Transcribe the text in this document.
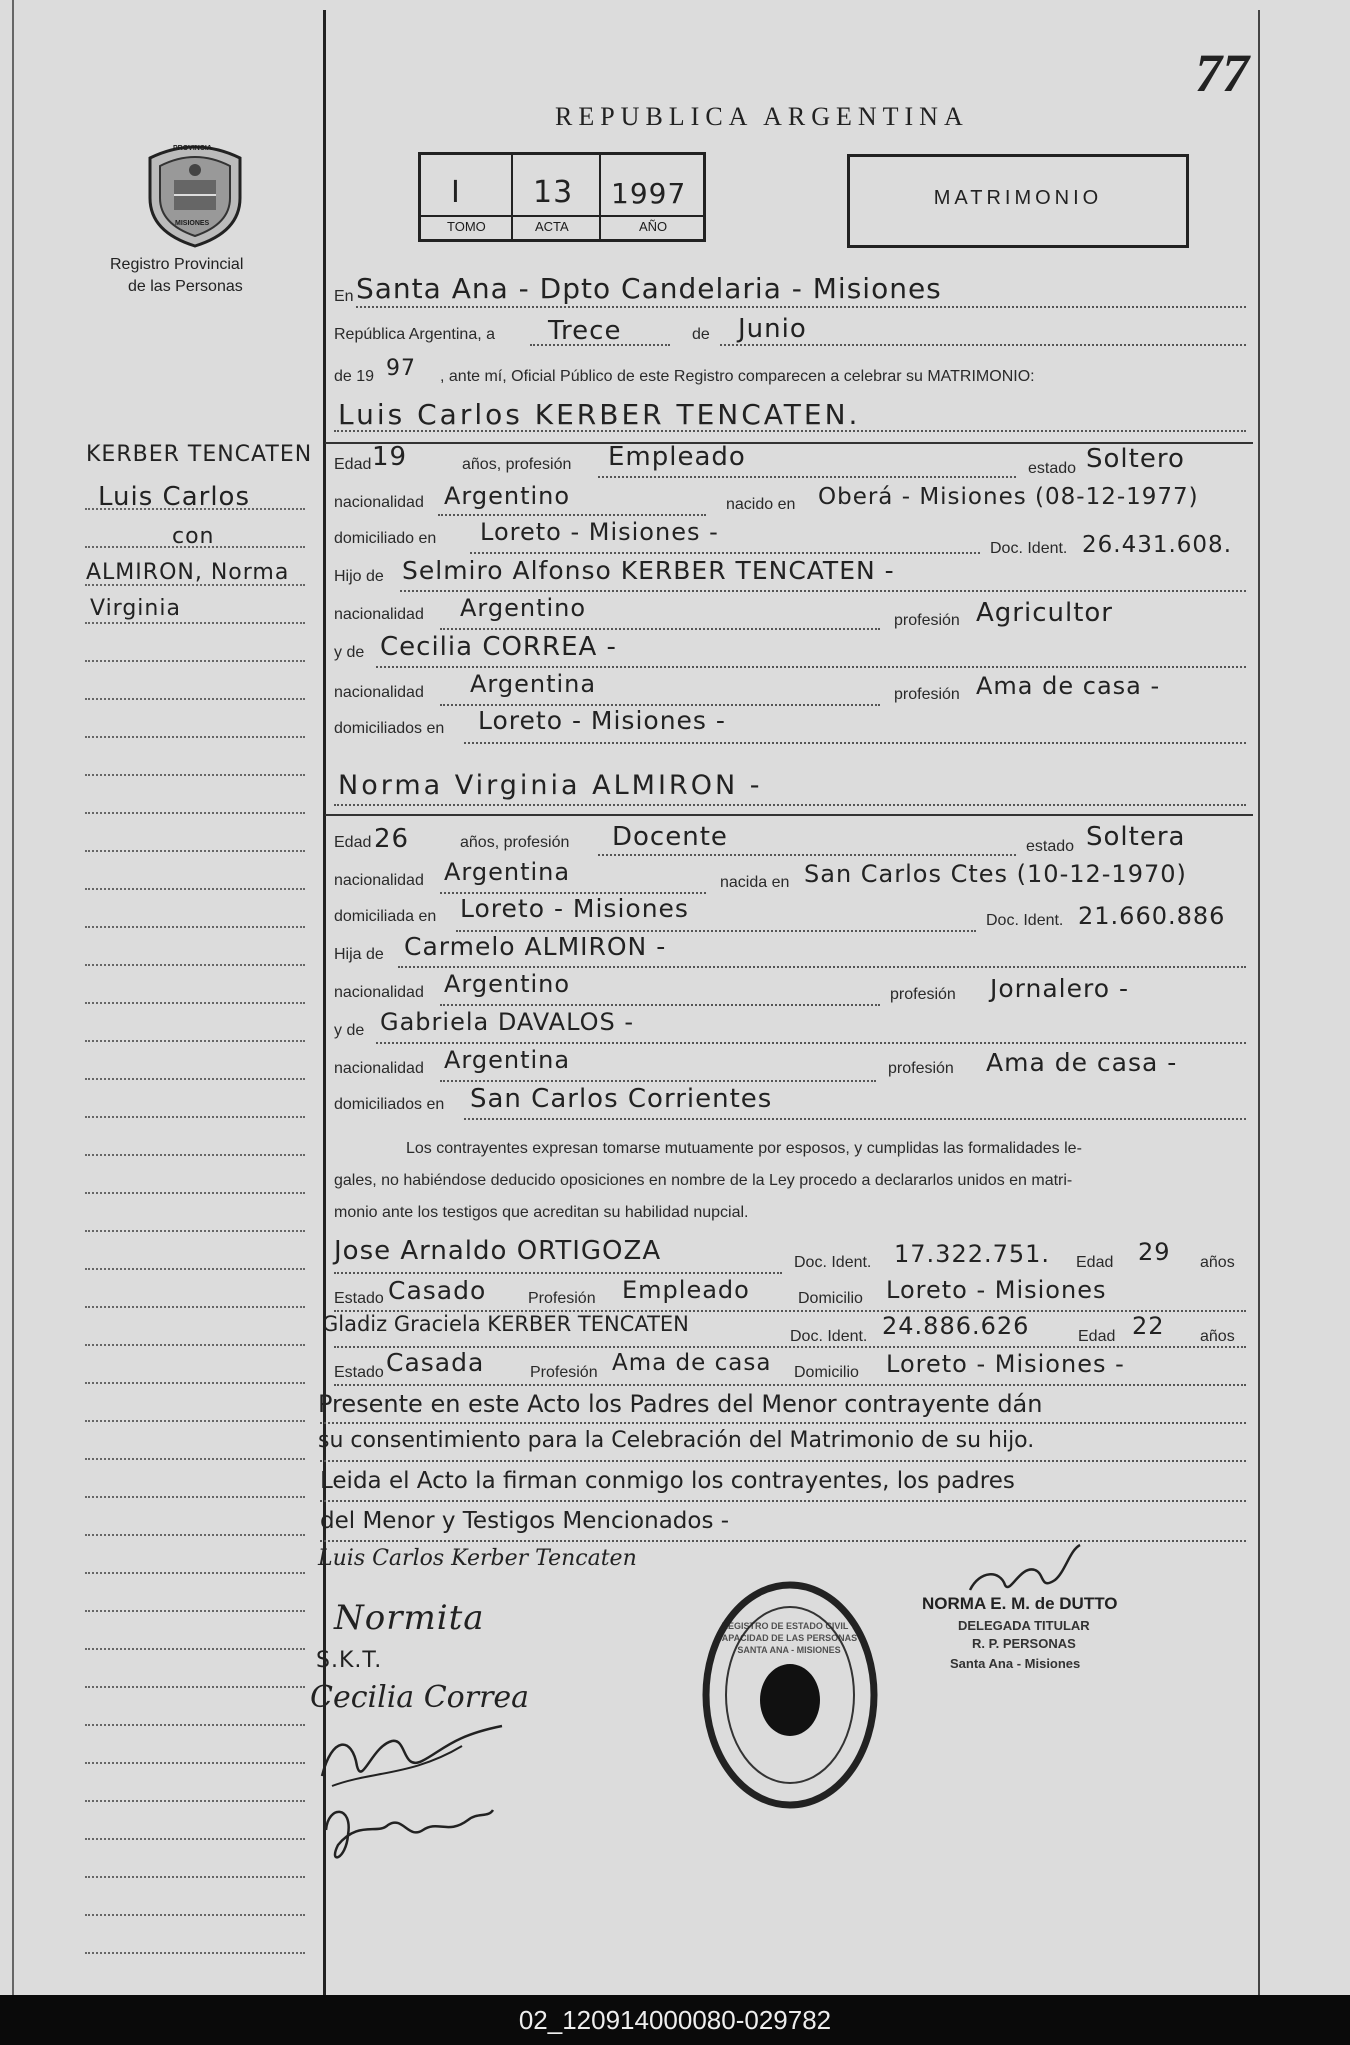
77
REPUBLICA ARGENTINA
PROVINCIA
MISIONES
Registro Provincial
de las Personas
I 13 1997
TOMO	ACTA	AÑO
MATRIMONIO
KERBER TENCATEN
Luis Carlos
con
ALMIRON, Norma
Virginia
En Santa Ana - Dpto Candelaria - Misiones
República Argentina, a Trece	de Junio
de 19 97 , ante mí, Oficial Público de este Registro comparecen a celebrar su MATRIMONIO:
Luis Carlos KERBER TENCATEN.
Edad 19	años, profesión Empleado	estado Soltero
nacionalidad Argentino	nacido en Oberá - Misiones (08-12-1977)
domiciliado en Loreto - Misiones -
Doc. Ident. 26.431.608.
Hijo de Selmiro Alfonso KERBER TENCATEN -
nacionalidad Argentino	profesión Agricultor
y de Cecilia CORREA -
nacionalidad Argentina	profesión Ama de casa -
domiciliados en Loreto - Misiones -
Norma Virginia ALMIRON -
Edad 26	años, profesión Docente	estado Soltera
nacionalidad Argentina	nacida en San Carlos Ctes (10-12-1970)
domiciliada en Loreto - Misiones	Doc. Ident. 21.660.886
Hija de Carmelo ALMIRON -
nacionalidad Argentino	profesión Jornalero -
y de Gabriela DAVALOS -
nacionalidad Argentina	profesión Ama de casa -
domiciliados en San Carlos Corrientes
Los contrayentes expresan tomarse mutuamente por esposos, y cumplidas las formalidades le-
gales, no habiéndose deducido oposiciones en nombre de la Ley procedo a declararlos unidos en matri-
monio ante los testigos que acreditan su habilidad nupcial.
Jose Arnaldo ORTIGOZA	Doc. Ident. 17.322.751. Edad 29 años
Estado Casado	Profesión Empleado	Domicilio Loreto - Misiones
Gladiz Graciela KERBER TENCATEN
Doc. Ident. 24.886.626	Edad 22 años
Estado Casada	Profesión Ama de casa Domicilio Loreto - Misiones -
Presente en este Acto los Padres del Menor contrayente dán
su consentimiento para la Celebración del Matrimonio de su hijo.
Leida el Acto la firman conmigo los contrayentes, los padres
del Menor y Testigos Mencionados -
Luis Carlos Kerber Tencaten
Normita
S.K.T.
Cecilia Correa
REGISTRO DE ESTADO CIVIL Y CAPACIDAD DE LAS PERSONAS - SANTA ANA - MISIONES
NORMA E. M. de DUTTO
DELEGADA TITULAR
R. P. PERSONAS
Santa Ana - Misiones
02_120914000080-029782
